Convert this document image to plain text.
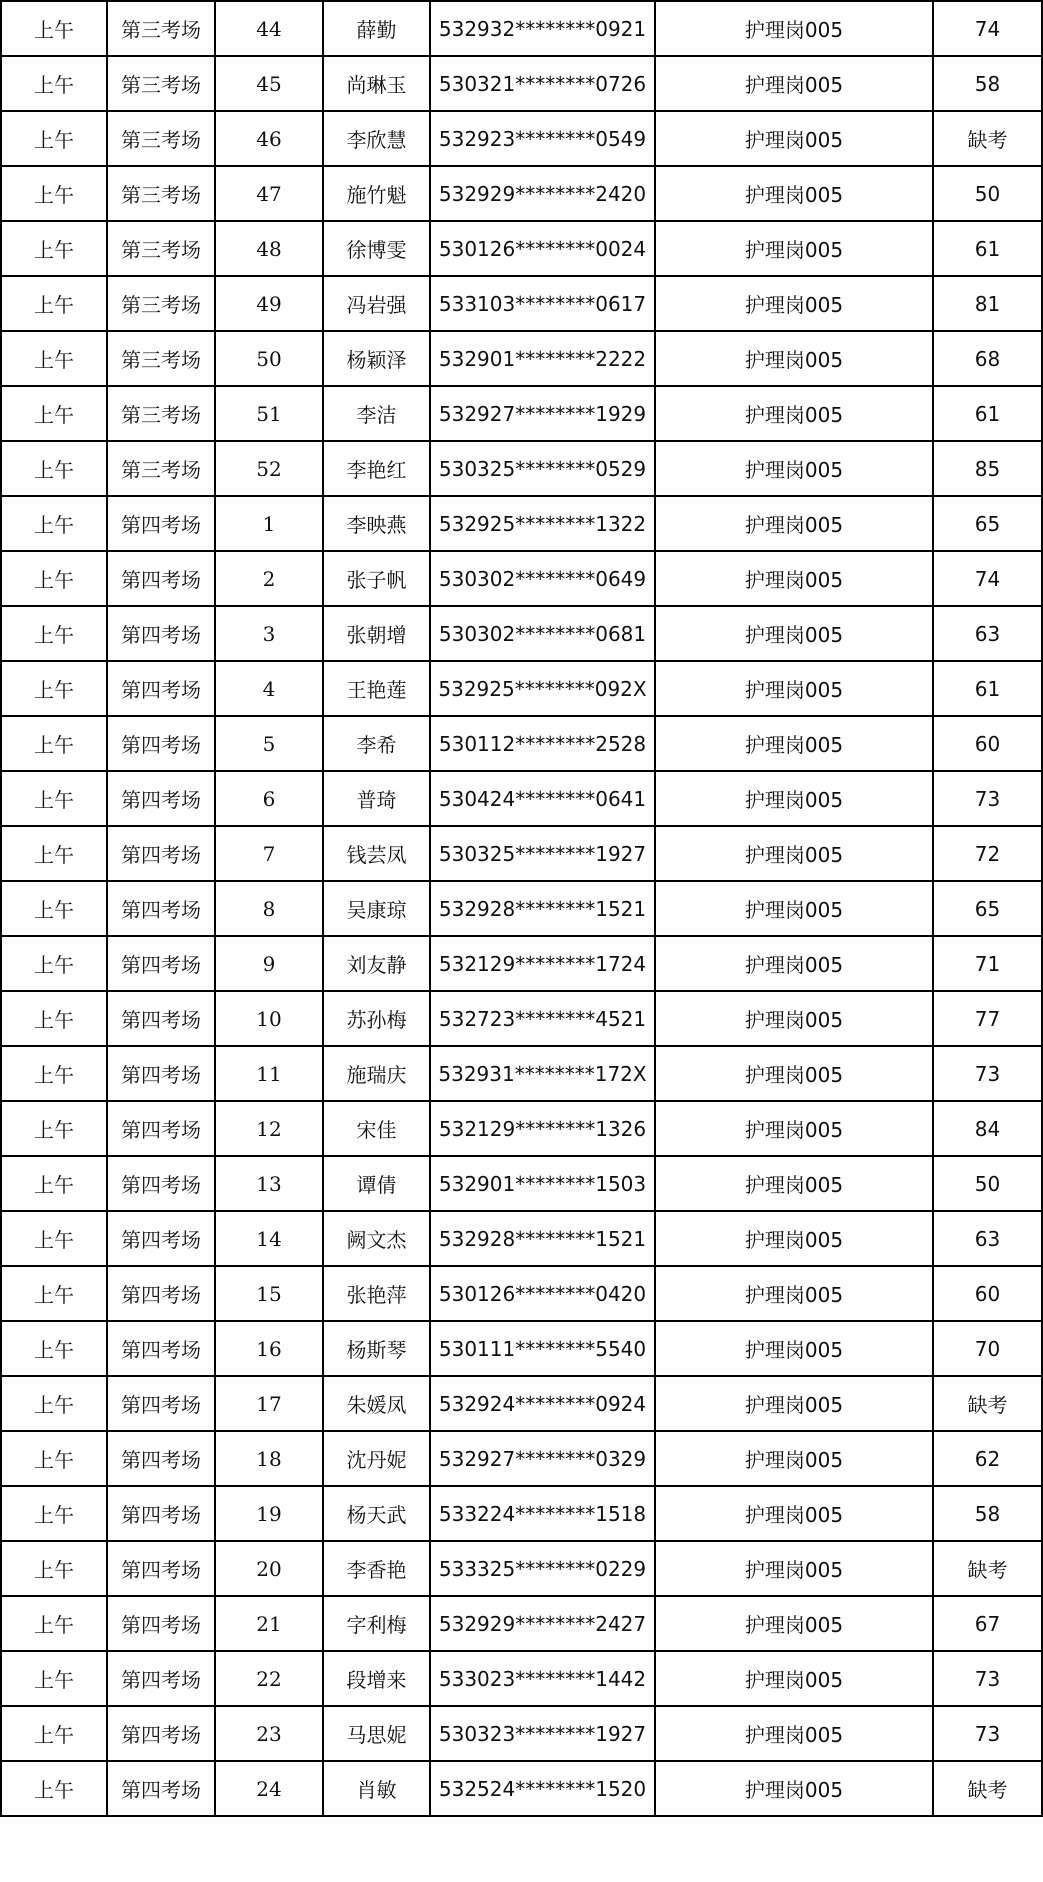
上午	第三考场	44	薛勤	532932********0921	护理岗005	74
上午	第三考场	45	尚琳玉	530321********0726	护理岗005	58
上午	第三考场	46	李欣慧	532923********0549	护理岗005	缺考
上午	第三考场	47	施竹魁	532929********2420	护理岗005	50
上午	第三考场	48	徐博雯	530126********0024	护理岗005	61
上午	第三考场	49	冯岩强	533103********0617	护理岗005	81
上午	第三考场	50	杨颖泽	532901********2222	护理岗005	68
上午	第三考场	51	李洁	532927********1929	护理岗005	61
上午	第三考场	52	李艳红	530325********0529	护理岗005	85
上午	第四考场	1	李映燕	532925********1322	护理岗005	65
上午	第四考场	2	张子帆	530302********0649	护理岗005	74
上午	第四考场	3	张朝增	530302********0681	护理岗005	63
上午	第四考场	4	王艳莲	532925********092X	护理岗005	61
上午	第四考场	5	李希	530112********2528	护理岗005	60
上午	第四考场	6	普琦	530424********0641	护理岗005	73
上午	第四考场	7	钱芸凤	530325********1927	护理岗005	72
上午	第四考场	8	吴康琼	532928********1521	护理岗005	65
上午	第四考场	9	刘友静	532129********1724	护理岗005	71
上午	第四考场	10	苏孙梅	532723********4521	护理岗005	77
上午	第四考场	11	施瑞庆	532931********172X	护理岗005	73
上午	第四考场	12	宋佳	532129********1326	护理岗005	84
上午	第四考场	13	谭倩	532901********1503	护理岗005	50
上午	第四考场	14	阙文杰	532928********1521	护理岗005	63
上午	第四考场	15	张艳萍	530126********0420	护理岗005	60
上午	第四考场	16	杨斯琴	530111********5540	护理岗005	70
上午	第四考场	17	朱媛凤	532924********0924	护理岗005	缺考
上午	第四考场	18	沈丹妮	532927********0329	护理岗005	62
上午	第四考场	19	杨天武	533224********1518	护理岗005	58
上午	第四考场	20	李香艳	533325********0229	护理岗005	缺考
上午	第四考场	21	字利梅	532929********2427	护理岗005	67
上午	第四考场	22	段增来	533023********1442	护理岗005	73
上午	第四考场	23	马思妮	530323********1927	护理岗005	73
上午	第四考场	24	肖敏	532524********1520	护理岗005	缺考
